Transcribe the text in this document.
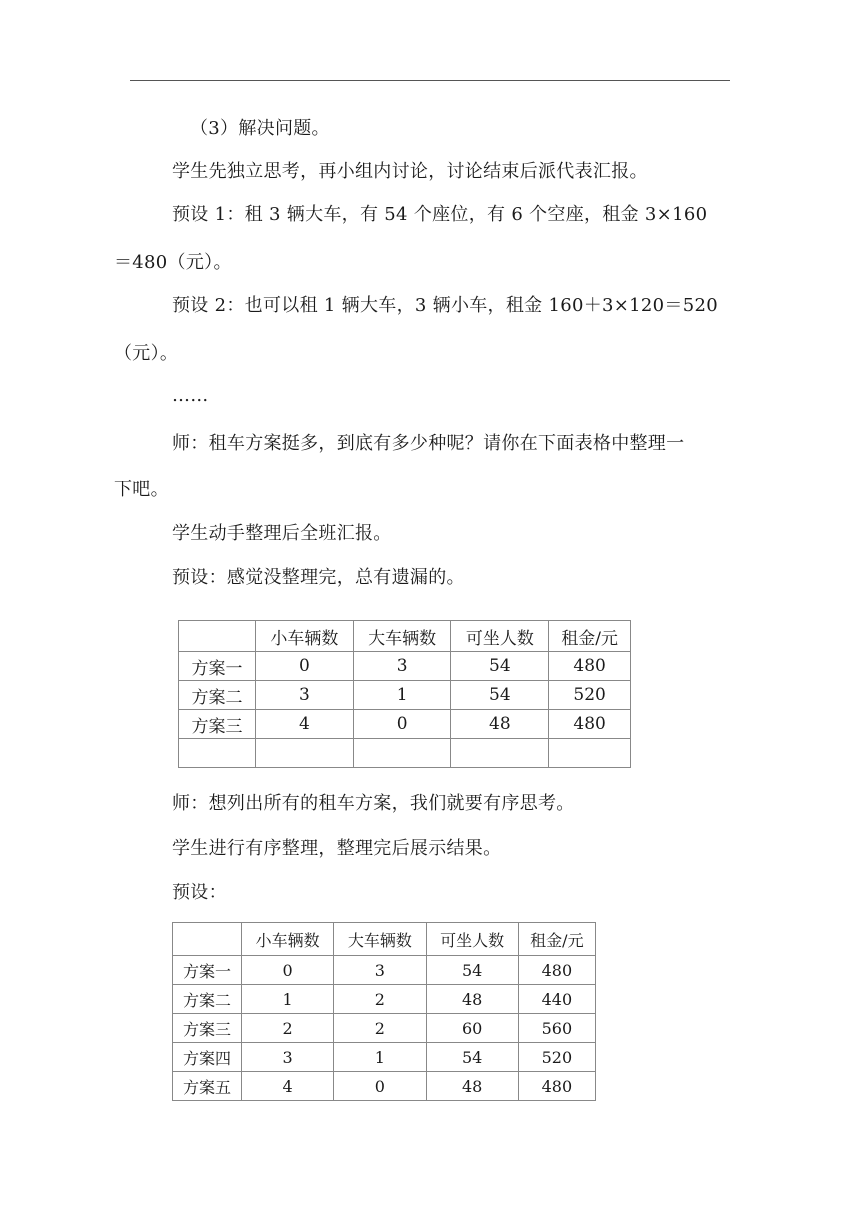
（3）解决问题。
学生先独立思考，再小组内讨论，讨论结束后派代表汇报。
预设 1：租 3 辆大车，有 54 个座位，有 6 个空座，租金 3×160
＝480（元）。
预设 2：也可以租 1 辆大车，3 辆小车，租金 160＋3×120＝520
（元）。
……
师：租车方案挺多，到底有多少种呢？请你在下面表格中整理一
下吧。
学生动手整理后全班汇报。
预设：感觉没整理完，总有遗漏的。
	小车辆数	大车辆数	可坐人数	租金/元
方案一	0	3	54	480
方案二	3	1	54	520
方案三	4	0	48	480

师：想列出所有的租车方案，我们就要有序思考。
学生进行有序整理，整理完后展示结果。
预设：
	小车辆数	大车辆数	可坐人数	租金/元
方案一	0	3	54	480
方案二	1	2	48	440
方案三	2	2	60	560
方案四	3	1	54	520
方案五	4	0	48	480
